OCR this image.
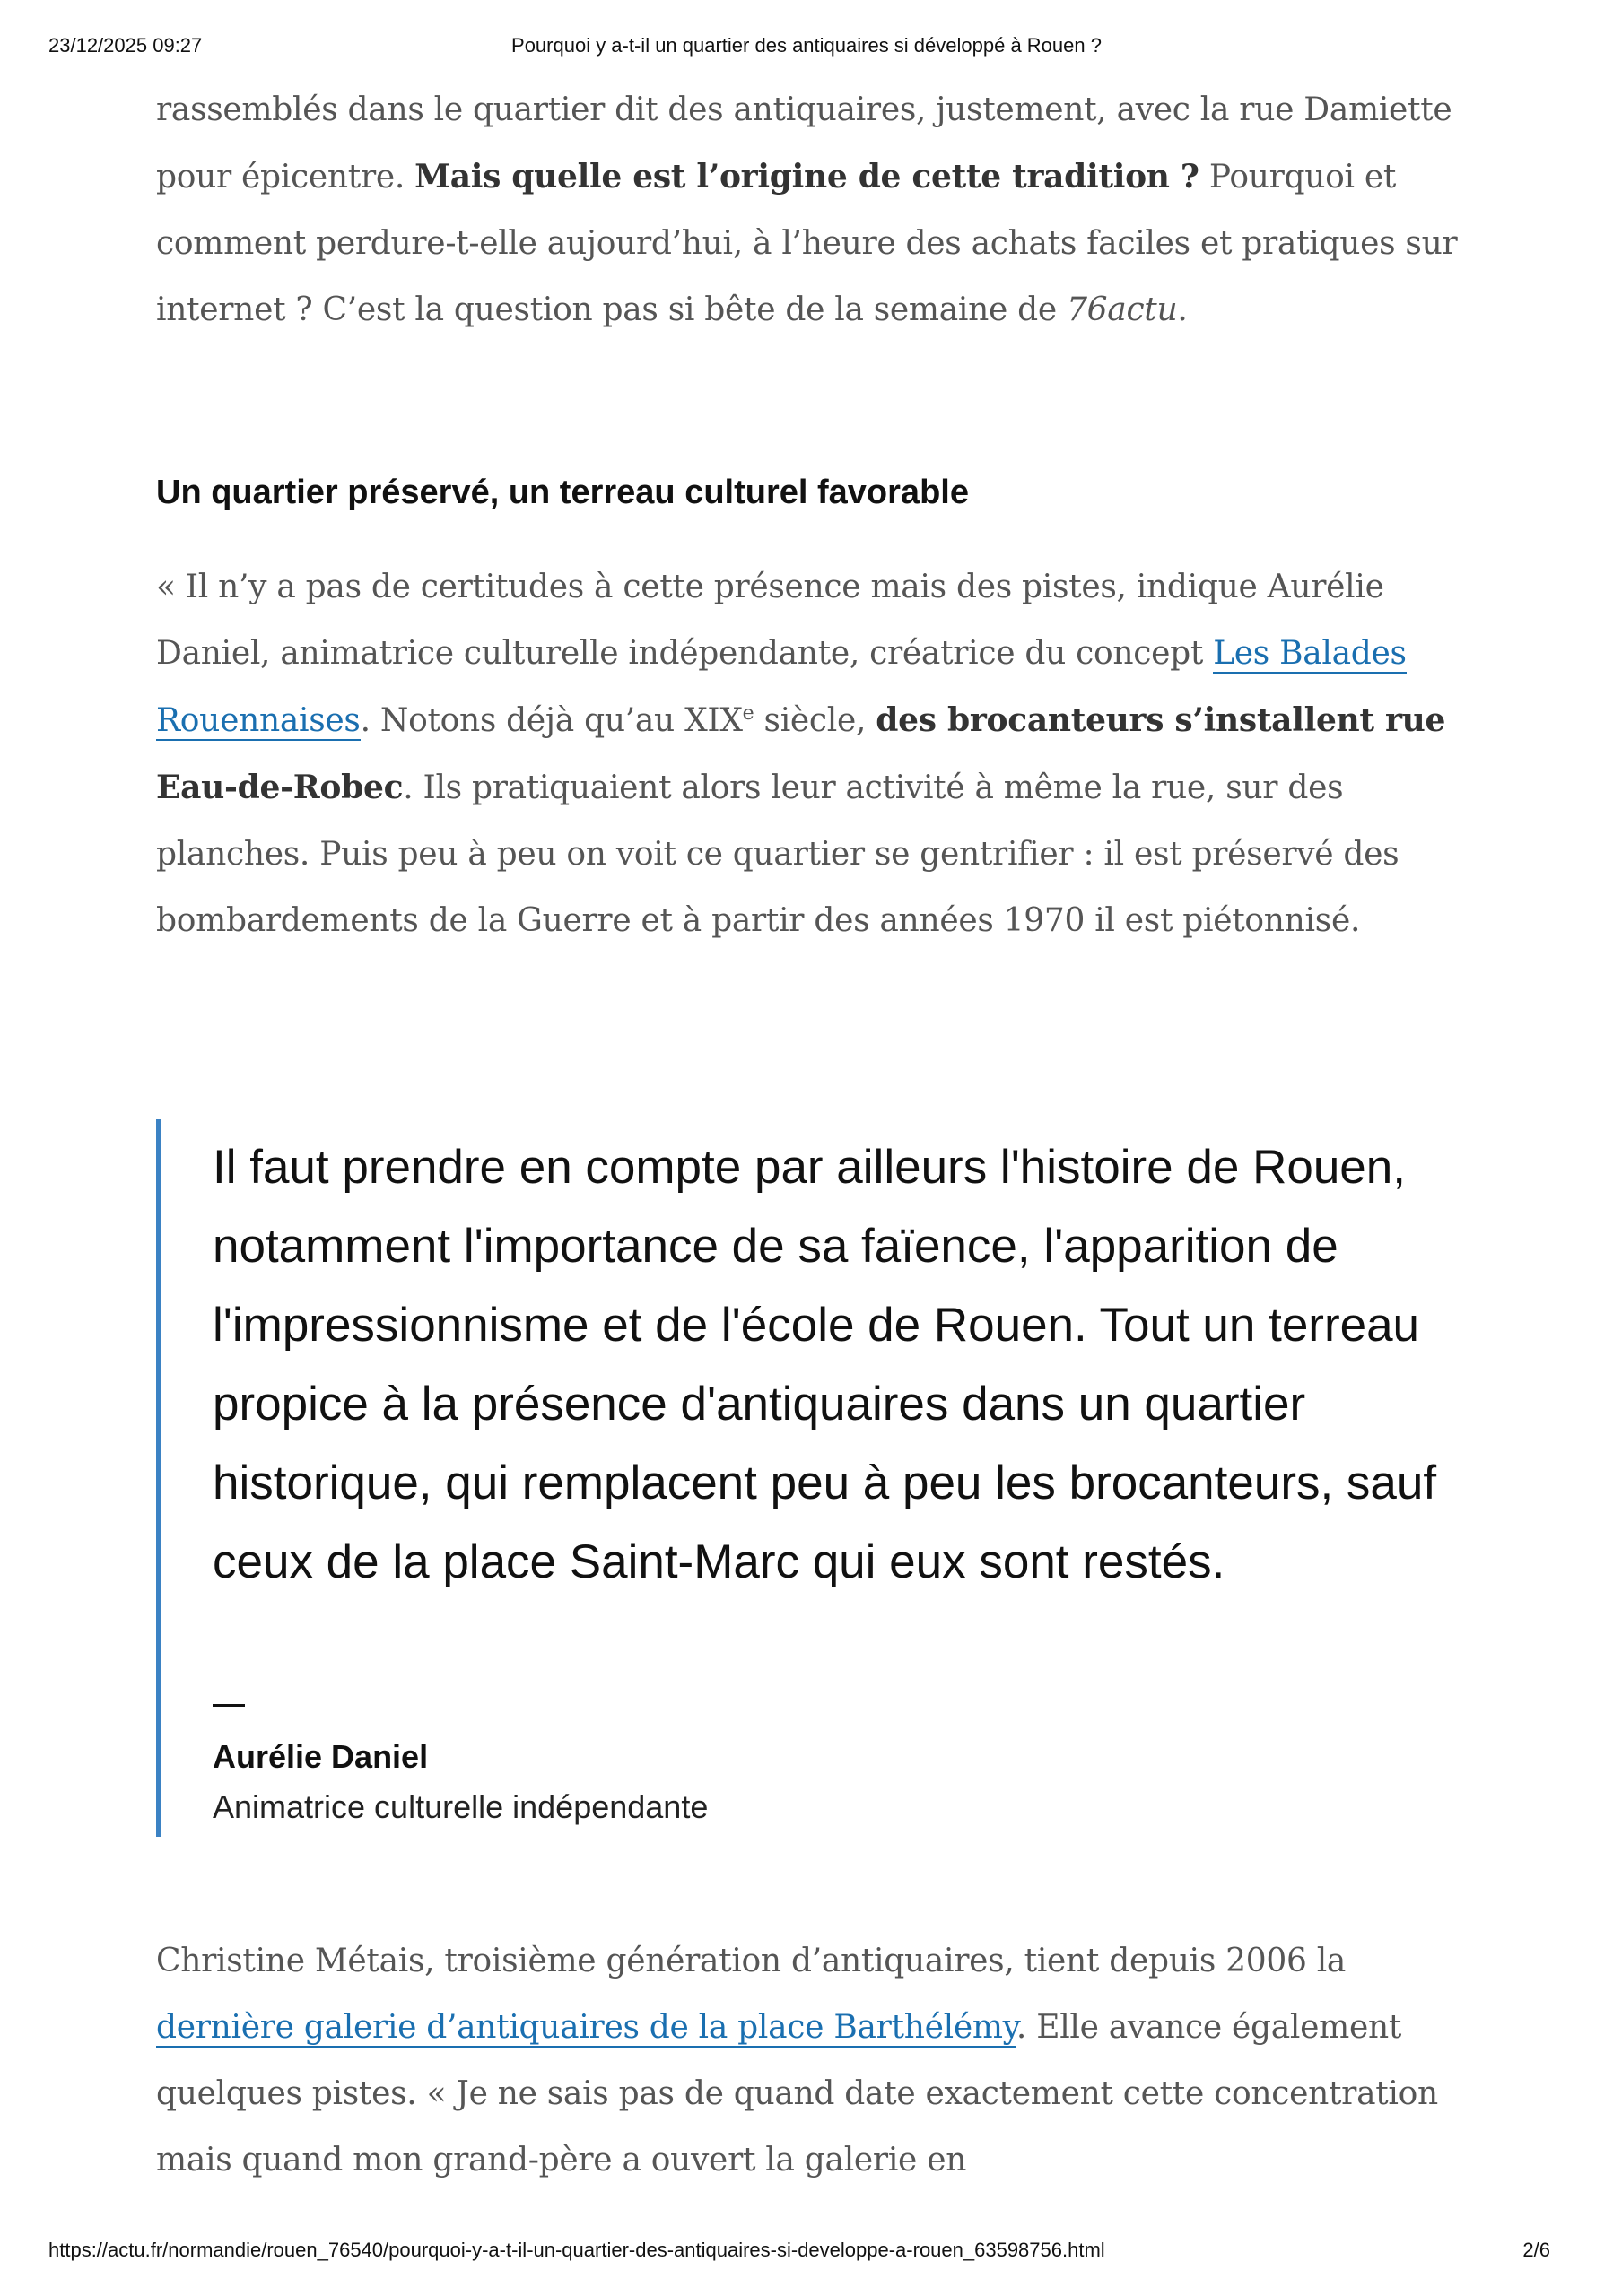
23/12/2025 09:27	Pourquoi y a-t-il un quartier des antiquaires si développé à Rouen ?

rassemblés dans le quartier dit des antiquaires, justement, avec la rue Damiette pour épicentre. Mais quelle est l’origine de cette tradition ? Pourquoi et comment perdure-t-elle aujourd’hui, à l’heure des achats faciles et pratiques sur internet ? C’est la question pas si bête de la semaine de 76actu.

Un quartier préservé, un terreau culturel favorable

« Il n’y a pas de certitudes à cette présence mais des pistes, indique Aurélie Daniel, animatrice culturelle indépendante, créatrice du concept Les Balades Rouennaises. Notons déjà qu’au XIXe siècle, des brocanteurs s’installent rue Eau-de-Robec. Ils pratiquaient alors leur activité à même la rue, sur des planches. Puis peu à peu on voit ce quartier se gentrifier : il est préservé des bombardements de la Guerre et à partir des années 1970 il est piétonnisé.

Il faut prendre en compte par ailleurs l'histoire de Rouen, notamment l'importance de sa faïence, l'apparition de l'impressionnisme et de l'école de Rouen. Tout un terreau propice à la présence d'antiquaires dans un quartier historique, qui remplacent peu à peu les brocanteurs, sauf ceux de la place Saint-Marc qui eux sont restés.

Aurélie Daniel
Animatrice culturelle indépendante

Christine Métais, troisième génération d’antiquaires, tient depuis 2006 la dernière galerie d’antiquaires de la place Barthélémy. Elle avance également quelques pistes. « Je ne sais pas de quand date exactement cette concentration mais quand mon grand-père a ouvert la galerie en

https://actu.fr/normandie/rouen_76540/pourquoi-y-a-t-il-un-quartier-des-antiquaires-si-developpe-a-rouen_63598756.html	2/6
